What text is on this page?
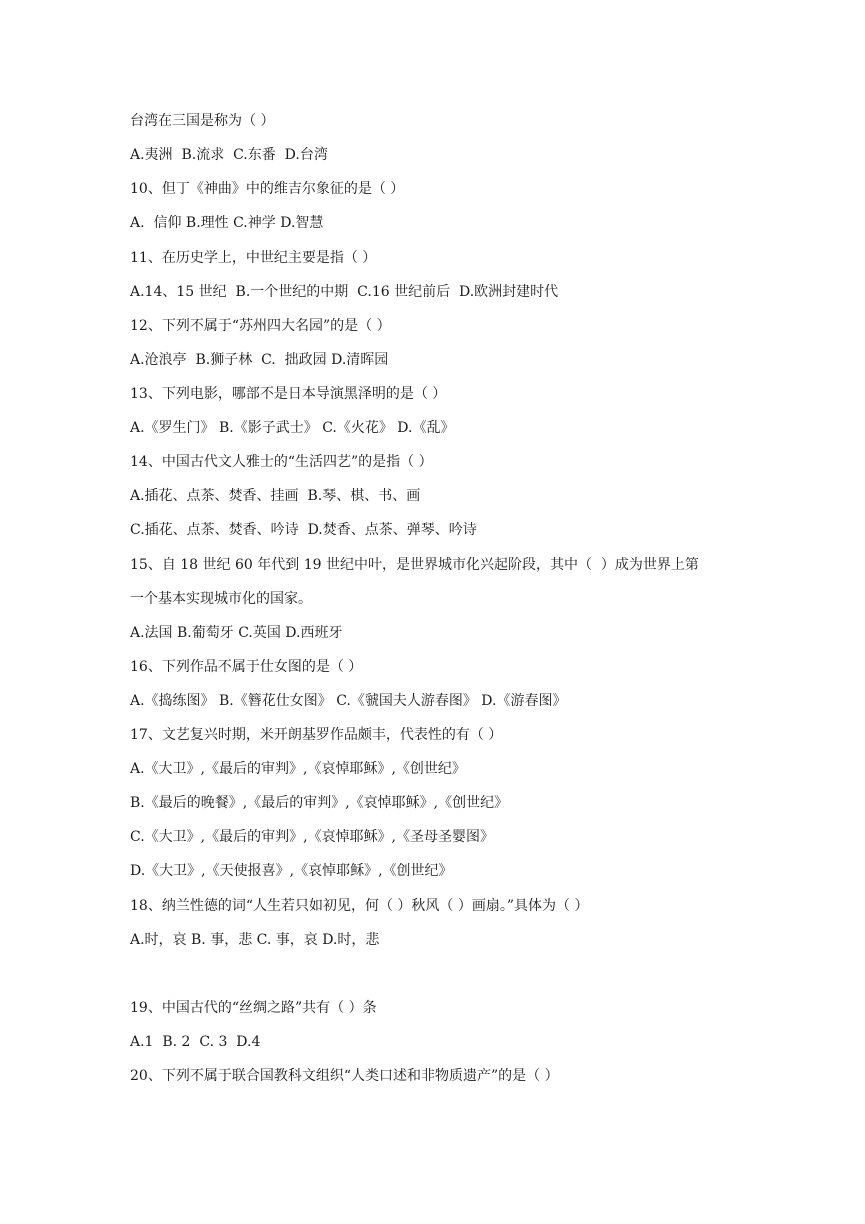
台湾在三国是称为（ ）
A.夷洲  B.流求  C.东番  D.台湾
10、但丁《神曲》中的维吉尔象征的是（ ）
A.  信仰 B.理性 C.神学 D.智慧
11、在历史学上，中世纪主要是指（ ）
A.14、15 世纪  B.一个世纪的中期  C.16 世纪前后  D.欧洲封建时代
12、下列不属于“苏州四大名园”的是（ ）
A.沧浪亭  B.狮子林  C.  拙政园 D.清晖园
13、下列电影，哪部不是日本导演黑泽明的是（ ）
A.《罗生门》 B.《影子武士》 C.《火花》 D.《乱》
14、中国古代文人雅士的“生活四艺”的是指（ ）
A.插花、点茶、焚香、挂画  B.琴、棋、书、画
C.插花、点茶、焚香、吟诗  D.焚香、点茶、弹琴、吟诗
15、自 18 世纪 60 年代到 19 世纪中叶，是世界城市化兴起阶段，其中（  ）成为世界上第
一个基本实现城市化的国家。
A.法国 B.葡萄牙 C.英国 D.西班牙
16、下列作品不属于仕女图的是（ ）
A.《捣练图》 B.《簪花仕女图》 C.《虢国夫人游春图》 D.《游春图》
17、文艺复兴时期，米开朗基罗作品颇丰，代表性的有（ ）
A.《大卫》,《最后的审判》,《哀悼耶稣》,《创世纪》
B.《最后的晚餐》,《最后的审判》,《哀悼耶稣》,《创世纪》
C.《大卫》,《最后的审判》,《哀悼耶稣》,《圣母圣婴图》
D.《大卫》,《天使报喜》,《哀悼耶稣》,《创世纪》
18、纳兰性德的词“人生若只如初见，何（ ）秋风（ ）画扇。”具体为（ ）
A.时，哀 B. 事，悲 C. 事，哀 D.时，悲
19、中国古代的“丝绸之路”共有（ ）条
A.1  B. 2  C. 3  D.4
20、下列不属于联合国教科文组织“人类口述和非物质遗产”的是（ ）
